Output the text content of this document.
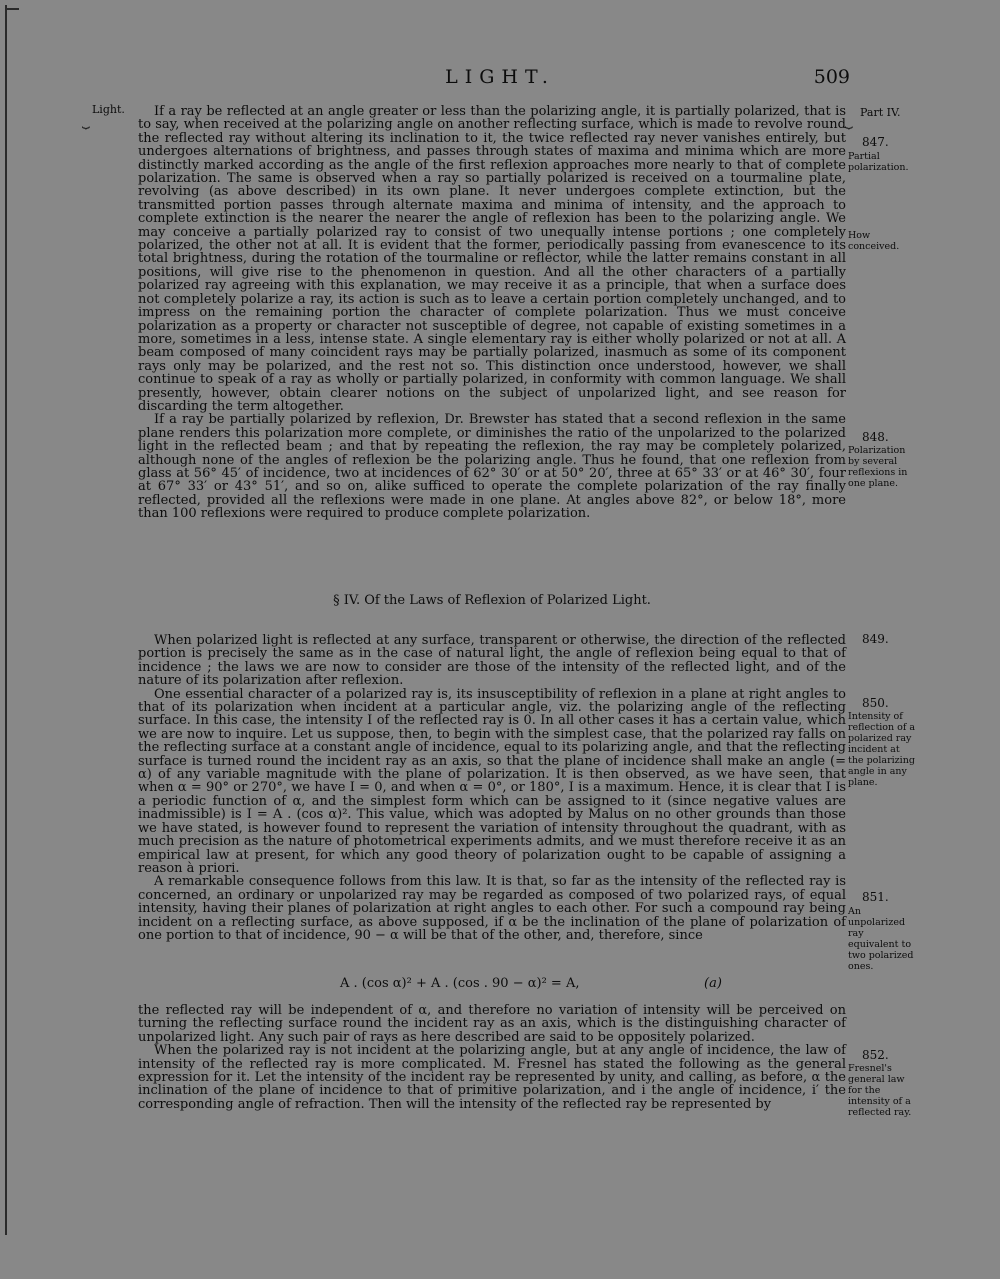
LIGHT.	509
Light.
⏟
Part IV.
⏟

If a ray be reflected at an angle greater or less than the polarizing angle, it is partially polarized, that is to say, when received at the polarizing angle on another reflecting surface, which is made to revolve round the reflected ray without altering its inclination to it, the twice reflected ray never vanishes entirely, but undergoes alternations of brightness, and passes through states of maxima and minima which are more distinctly marked according as the angle of the first reflexion approaches more nearly to that of complete polarization. The same is observed when a ray so partially polarized is received on a tourmaline plate, revolving (as above described) in its own plane. It never undergoes complete extinction, but the transmitted portion passes through alternate maxima and minima of intensity, and the approach to complete extinction is the nearer the nearer the angle of reflexion has been to the polarizing angle. We may conceive a partially polarized ray to consist of two unequally intense portions ; one completely polarized, the other not at all. It is evident that the former, periodically passing from evanescence to its total brightness, during the rotation of the tourmaline or reflector, while the latter remains constant in all positions, will give rise to the phenomenon in question. And all the other characters of a partially polarized ray agreeing with this explanation, we may receive it as a principle, that when a surface does not completely polarize a ray, its action is such as to leave a certain portion completely unchanged, and to impress on the remaining portion the character of complete polarization. Thus we must conceive polarization as a property or character not susceptible of degree, not capable of existing sometimes in a more, sometimes in a less, intense state. A single elementary ray is either wholly polarized or not at all. A beam composed of many coincident rays may be partially polarized, inasmuch as some of its component rays only may be polarized, and the rest not so. This distinction once understood, however, we shall continue to speak of a ray as wholly or partially polarized, in conformity with common language. We shall presently, however, obtain clearer notions on the subject of unpolarized light, and see reason for discarding the term altogether.

If a ray be partially polarized by reflexion, Dr. Brewster has stated that a second reflexion in the same plane renders this polarization more complete, or diminishes the ratio of the unpolarized to the polarized light in the reflected beam ; and that by repeating the reflexion, the ray may be completely polarized, although none of the angles of reflexion be the polarizing angle. Thus he found, that one reflexion from glass at 56° 45′ of incidence, two at incidences of 62° 30′ or at 50° 20′, three at 65° 33′ or at 46° 30′, four at 67° 33′ or 43° 51′, and so on, alike sufficed to operate the complete polarization of the ray finally reflected, provided all the reflexions were made in one plane. At angles above 82°, or below 18°, more than 100 reflexions were required to produce complete polarization.

§ IV. Of the Laws of Reflexion of Polarized Light.

When polarized light is reflected at any surface, transparent or otherwise, the direction of the reflected portion is precisely the same as in the case of natural light, the angle of reflexion being equal to that of incidence ; the laws we are now to consider are those of the intensity of the reflected light, and of the nature of its polarization after reflexion.

One essential character of a polarized ray is, its insusceptibility of reflexion in a plane at right angles to that of its polarization when incident at a particular angle, viz. the polarizing angle of the reflecting surface. In this case, the intensity I of the reflected ray is 0. In all other cases it has a certain value, which we are now to inquire. Let us suppose, then, to begin with the simplest case, that the polarized ray falls on the reflecting surface at a constant angle of incidence, equal to its polarizing angle, and that the reflecting surface is turned round the incident ray as an axis, so that the plane of incidence shall make an angle (= α) of any variable magnitude with the plane of polarization. It is then observed, as we have seen, that when α = 90° or 270°, we have I = 0, and when α = 0°, or 180°, I is a maximum. Hence, it is clear that I is a periodic function of α, and the simplest form which can be assigned to it (since negative values are inadmissible) is I = A . (cos α)². This value, which was adopted by Malus on no other grounds than those we have stated, is however found to represent the variation of intensity throughout the quadrant, with as much precision as the nature of photometrical experiments admits, and we must therefore receive it as an empirical law at present, for which any good theory of polarization ought to be capable of assigning a reason à priori.

A remarkable consequence follows from this law. It is that, so far as the intensity of the reflected ray is concerned, an ordinary or unpolarized ray may be regarded as composed of two polarized rays, of equal intensity, having their planes of polarization at right angles to each other. For such a compound ray being incident on a reflecting surface, as above supposed, if α be the inclination of the plane of polarization of one portion to that of incidence, 90 − α will be that of the other, and, therefore, since

A . (cos α)² + A . (cos . 90 − α)² = A,	(a)

the reflected ray will be independent of α, and therefore no variation of intensity will be perceived on turning the reflecting surface round the incident ray as an axis, which is the distinguishing character of unpolarized light. Any such pair of rays as here described are said to be oppositely polarized.

When the polarized ray is not incident at the polarizing angle, but at any angle of incidence, the law of intensity of the reflected ray is more complicated. M. Fresnel has stated the following as the general expression for it. Let the intensity of the incident ray be represented by unity, and calling, as before, α the inclination of the plane of incidence to that of primitive polarization, and i the angle of incidence, i′ the corresponding angle of refraction. Then will the intensity of the reflected ray be represented by

847.
Partial polarization.
How conceived.
848.
Polarization by several reflexions in one plane.
849.
850.
Intensity of reflection of a polarized ray incident at the polarizing angle in any plane.
851.
An unpolarized ray equivalent to two polarized ones.
852.
Fresnel's general law for the intensity of a reflected ray.
